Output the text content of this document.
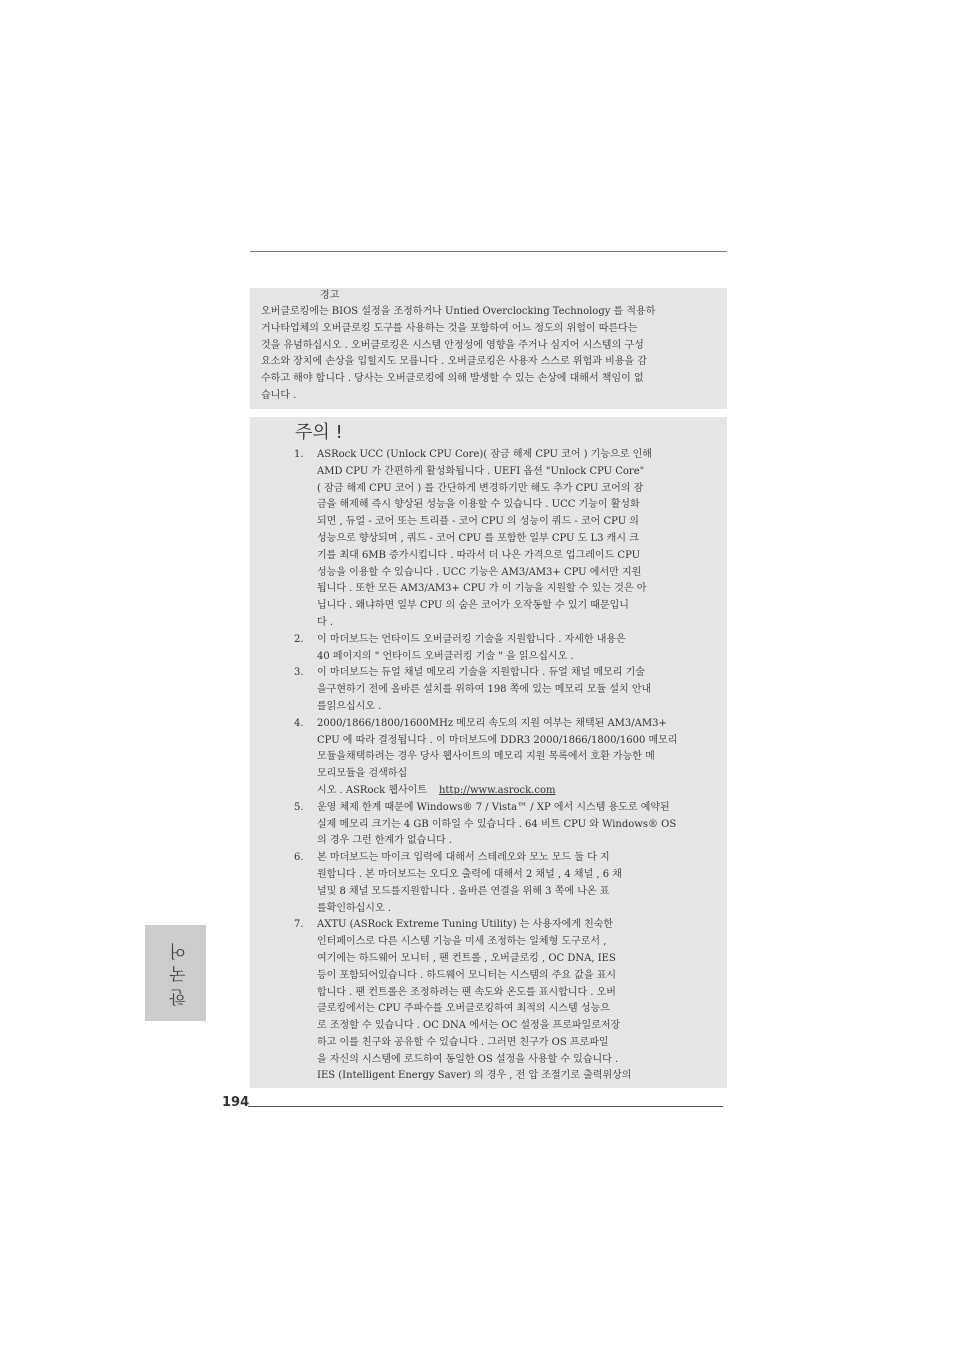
경고
오버클로킹에는 BIOS 설정을 조정하거나 Untied Overclocking Technology 를 적용하
거나타업체의 오버클로킹 도구를 사용하는 것을 포함하여 어느 정도의 위험이 따른다는
것을 유념하십시오 . 오버클로킹은 시스템 안정성에 영향을 주거나 심지어 시스템의 구성
요소와 장치에 손상을 입힐지도 모릅니다 . 오버클로킹은 사용자 스스로 위험과 비용을 감
수하고 해야 합니다 . 당사는 오버클로킹에 의해 발생할 수 있는 손상에 대해서 책임이 없
습니다 .
주의 !
1.	ASRock UCC (Unlock CPU Core)( 잠금 해제 CPU 코어 ) 기능으로 인해
AMD CPU 가 간편하게 활성화됩니다 . UEFI 옵션 "Unlock CPU Core"
( 잠금 해제 CPU 코어 ) 를 간단하게 변경하기만 해도 추가 CPU 코어의 잠
금을 해제해 즉시 향상된 성능을 이용할 수 있습니다 . UCC 기능이 활성화
되면 , 듀얼 - 코어 또는 트리플 - 코어 CPU 의 성능이 쿼드 - 코어 CPU 의
성능으로 향상되며 , 쿼드 - 코어 CPU 를 포함한 일부 CPU 도 L3 캐시 크
기를 최대 6MB 증가시킵니다 . 따라서 더 나은 가격으로 업그레이드 CPU
성능을 이용할 수 있습니다 . UCC 기능은 AM3/AM3+ CPU 에서만 지원
됩니다 . 또한 모든 AM3/AM3+ CPU 가 이 기능을 지원할 수 있는 것은 아
닙니다 . 왜냐하면 일부 CPU 의 숨은 코어가 오작동할 수 있기 때문입니
다 .
2.	이 마더보드는 언타이드 오버클러킹 기술을 지원합니다 . 자세한 내용은
40 페이지의 " 언타이드 오버클러킹 기술 " 을 읽으십시오 .
3.	이 마더보드는 듀얼 채널 메모리 기술을 지원합니다 . 듀얼 채널 메모리 기술
을구현하기 전에 올바른 설치를 위하여 198 쪽에 있는 메모리 모듈 설치 안내
를읽으십시오 .
4.	2000/1866/1800/1600MHz 메모리 속도의 지원 여부는 채택된 AM3/AM3+
CPU 에 따라 결정됩니다 . 이 마더보드에 DDR3 2000/1866/1800/1600 메모리
모듈을채택하려는 경우 당사 웹사이트의 메모리 지원 목록에서 호환 가능한 메
모리모듈을 검색하십
시오 . ASRock 웹사이트 http://www.asrock.com
5.	운영 체제 한계 때문에 Windows® 7 / Vista™ / XP 에서 시스템 용도로 예약된
실제 메모리 크기는 4 GB 이하일 수 있습니다 . 64 비트 CPU 와 Windows® OS
의 경우 그런 한계가 없습니다 .
6.	본 마더보드는 마이크 입력에 대해서 스테레오와 모노 모드 둘 다 지
원합니다 . 본 마더보드는 오디오 출력에 대해서 2 채널 , 4 채널 , 6 채
널및 8 채널 모드를지원합니다 . 올바른 연결을 위해 3 쪽에 나온 표
를확인하십시오 .
7.	AXTU (ASRock Extreme Tuning Utility) 는 사용자에게 친숙한
인터페이스로 다른 시스템 기능을 미세 조정하는 일체형 도구로서 ,
여기에는 하드웨어 모니터 , 팬 컨트롤 , 오버클로킹 , OC DNA, IES
등이 포함되어있습니다 . 하드웨어 모니터는 시스템의 주요 값을 표시
합니다 . 팬 컨트롤은 조정하려는 팬 속도와 온도를 표시합니다 . 오버
클로킹에서는 CPU 주파수를 오버클로킹하여 최적의 시스템 성능으
로 조정할 수 있습니다 . OC DNA 에서는 OC 설정을 프로파일로저장
하고 이를 친구와 공유할 수 있습니다 . 그러면 친구가 OS 프로파일
을 자신의 시스템에 로드하여 동일한 OS 설정을 사용할 수 있습니다 .
IES (Intelligent Energy Saver) 의 경우 , 전 압 조절기로 출력위상의
한국어
194
